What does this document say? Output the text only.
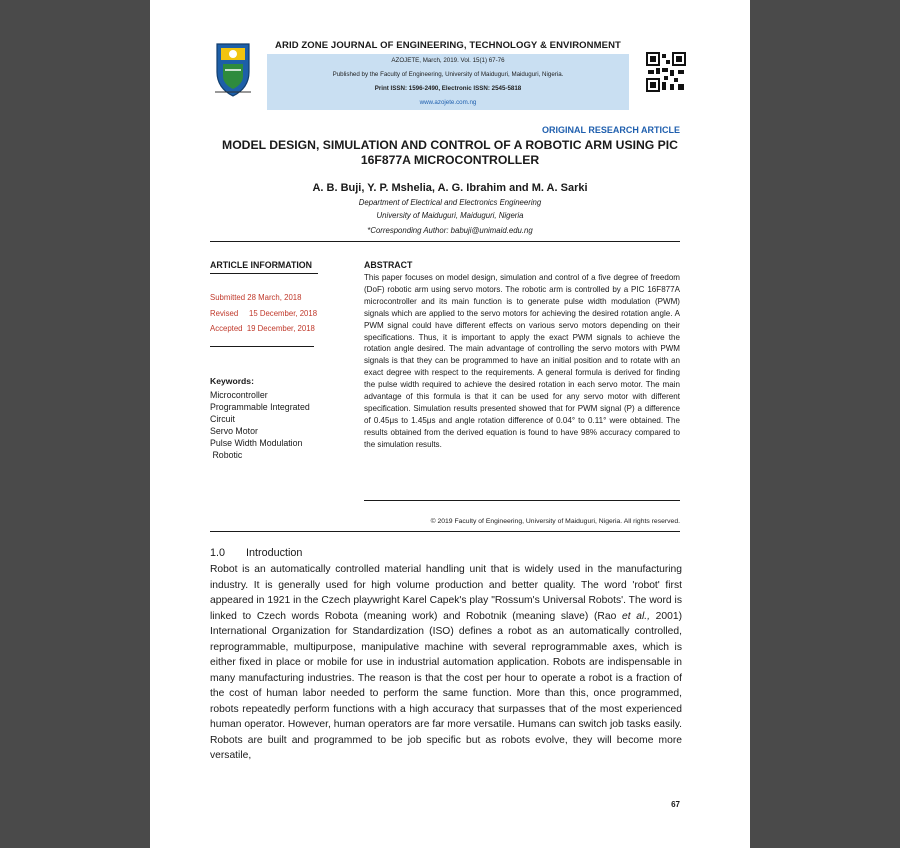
ARID ZONE JOURNAL OF ENGINEERING, TECHNOLOGY & ENVIRONMENT
AZOJETE, March, 2019. Vol. 15(1) 67-76
Published by the Faculty of Engineering, University of Maiduguri, Maiduguri, Nigeria.
Print ISSN: 1596-2490, Electronic ISSN: 2545-5818
www.azojete.com.ng
ORIGINAL RESEARCH ARTICLE
MODEL DESIGN, SIMULATION AND CONTROL OF A ROBOTIC ARM USING PIC 16F877A MICROCONTROLLER
A. B. Buji, Y. P. Mshelia, A. G. Ibrahim and M. A. Sarki
Department of Electrical and Electronics Engineering
University of Maiduguri, Maiduguri, Nigeria
*Corresponding Author: babuji@unimaid.edu.ng
ARTICLE INFORMATION
Submitted 28 March, 2018
Revised     15 December, 2018
Accepted  19 December, 2018
Keywords:
Microcontroller
Programmable Integrated
Circuit
Servo Motor
Pulse Width Modulation
Robotic
ABSTRACT
This paper focuses on model design, simulation and control of a five degree of freedom (DoF) robotic arm using servo motors. The robotic arm is controlled by a PIC 16F877A microcontroller and its main function is to generate pulse width modulation (PWM) signals which are applied to the servo motors for achieving the desired rotation angle. A PWM signal could have different effects on various servo motors depending on their specifications. Thus, it is important to apply the exact PWM signals to achieve the rotation angle desired. The main advantage of controlling the servo motors with PWM signals is that they can be programmed to have an initial position and to rotate with an exact degree with respect to the requirements. A general formula is derived for finding the pulse width required to achieve the desired rotation in each servo motor. The main advantage of this formula is that it can be used for any servo motor with different specification. Simulation results presented showed that for PWM signal (P) a difference of 0.45μs to 1.45μs and angle rotation difference of 0.04° to 0.11° were obtained. The results obtained from the derived equation is found to have 98% accuracy compared to the simulation results.
© 2019 Faculty of Engineering, University of Maiduguri, Nigeria. All rights reserved.
1.0 Introduction
Robot is an automatically controlled material handling unit that is widely used in the manufacturing industry. It is generally used for high volume production and better quality. The word 'robot' first appeared in 1921 in the Czech playwright Karel Capek's play "Rossum's Universal Robots'. The word is linked to Czech words Robota (meaning work) and Robotnik (meaning slave) (Rao et al., 2001) International Organization for Standardization (ISO) defines a robot as an automatically controlled, reprogrammable, multipurpose, manipulative machine with several reprogrammable axes, which is either fixed in place or mobile for use in industrial automation application. Robots are indispensable in many manufacturing industries. The reason is that the cost per hour to operate a robot is a fraction of the cost of human labor needed to perform the same function. More than this, once programmed, robots repeatedly perform functions with a high accuracy that surpasses that of the most experienced human operator. However, human operators are far more versatile. Humans can switch job tasks easily. Robots are built and programmed to be job specific but as robots evolve, they will become more versatile,
67
